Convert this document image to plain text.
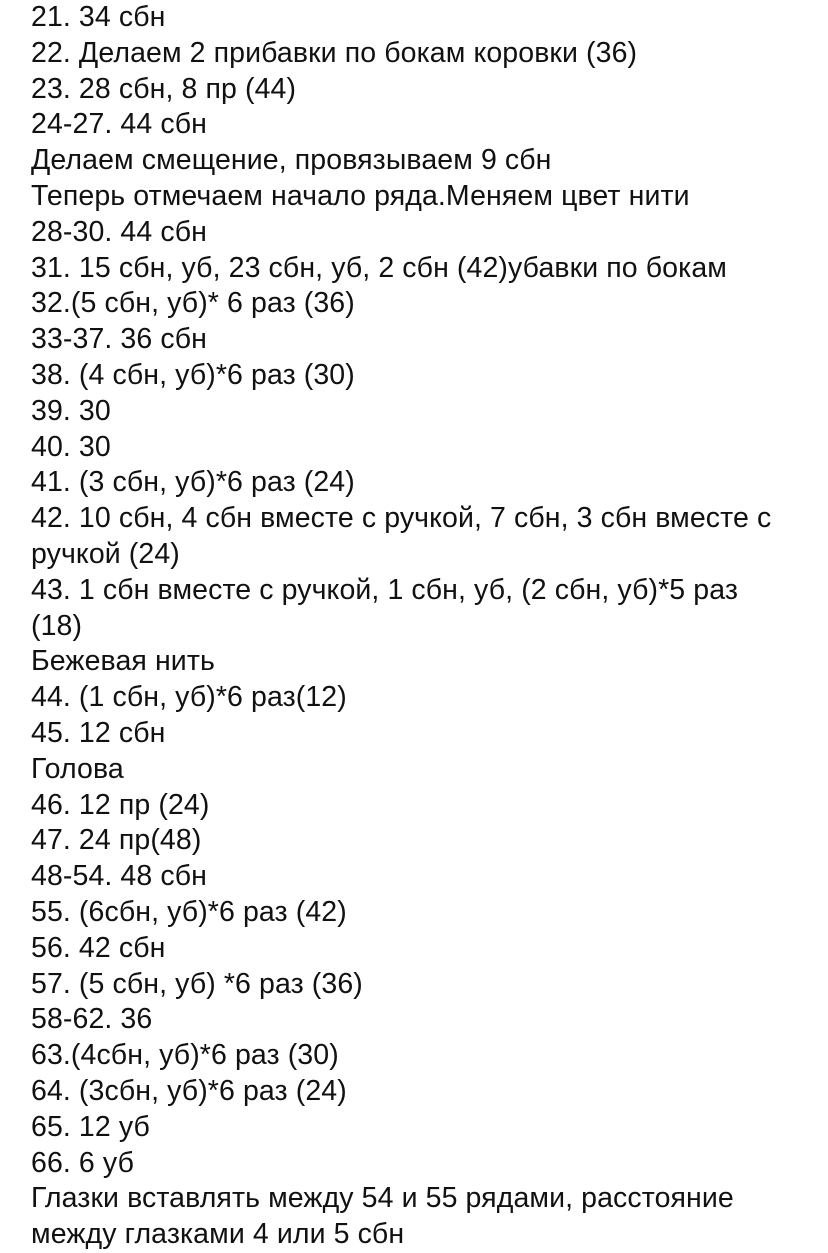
21. 34 сбн
22. Делаем 2 прибавки по бокам коровки (36)
23. 28 сбн, 8 пр (44)
24-27. 44 сбн
Делаем смещение, провязываем 9 сбн
Теперь отмечаем начало ряда.Меняем цвет нити
28-30. 44 сбн
31. 15 сбн, уб, 23 сбн, уб, 2 сбн (42)убавки по бокам
32.(5 сбн, уб)* 6 раз (36)
33-37. 36 сбн
38. (4 сбн, уб)*6 раз (30)
39. 30
40. 30
41. (3 сбн, уб)*6 раз (24)
42. 10 сбн, 4 сбн вместе с ручкой, 7 сбн, 3 сбн вместе с
ручкой (24)
43. 1 сбн вместе с ручкой, 1 сбн, уб, (2 сбн, уб)*5 раз
(18)
Бежевая нить
44. (1 сбн, уб)*6 раз(12)
45. 12 сбн
Голова
46. 12 пр (24)
47. 24 пр(48)
48-54. 48 сбн
55. (6сбн, уб)*6 раз (42)
56. 42 сбн
57. (5 сбн, уб) *6 раз (36)
58-62. 36
63.(4сбн, уб)*6 раз (30)
64. (3сбн, уб)*6 раз (24)
65. 12 уб
66. 6 уб
Глазки вставлять между 54 и 55 рядами, расстояние
между глазками 4 или 5 сбн
